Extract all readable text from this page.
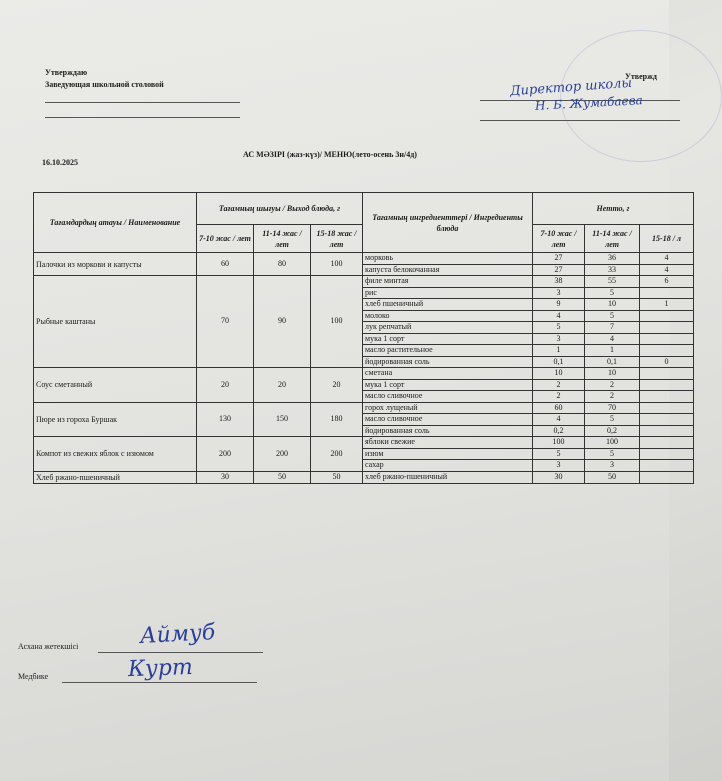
Утверждаю
Заведующая школьной столовой
Утвержд
Директор школы
Н. Б. Жумабаева
16.10.2025
АС МӘЗІРІ (жаз-күз)/ МЕНЮ(лето-осень 3н/4д)
Тағамдардың атауы / Наименование	Тағамның шығуы / Выход блюда, г			Тағамның ингредиенттері / Ингредиенты блюда	Нетто, г		
	7-10 жас / лет	11-14 жас / лет	15-18 жас / лет		7-10 жас / лет	11-14 жас / лет	15-18 / л
Палочки из моркови и капусты	60	80	100	морковь	27	36	4
				капуста белокочанная	27	33	4
Рыбные каштаны	70	90	100	филе минтая	38	55	6
				рис	3	5	
				хлеб пшеничный	9	10	1
				молоко	4	5	
				лук репчатый	5	7	
				мука 1 сорт	3	4	
				масло растительное	1	1	
				йодированная соль	0,1	0,1	0
Соус сметанный	20	20	20	сметана	10	10	
				мука 1 сорт	2	2	
				масло сливочное	2	2	
Пюре из гороха Буршак	130	150	180	горох лущеный	60	70	
				масло сливочное	4	5	
				йодированная соль	0,2	0,2	
Компот из свежих яблок с изюмом	200	200	200	яблоки свежие	100	100	
				изюм	5	5	
				сахар	3	3	
Хлеб ржано-пшеничный	30	50	50	хлеб ржано-пшеничный	30	50	
Асхана жетекшісі	Аймуб
Медбике	Курт
